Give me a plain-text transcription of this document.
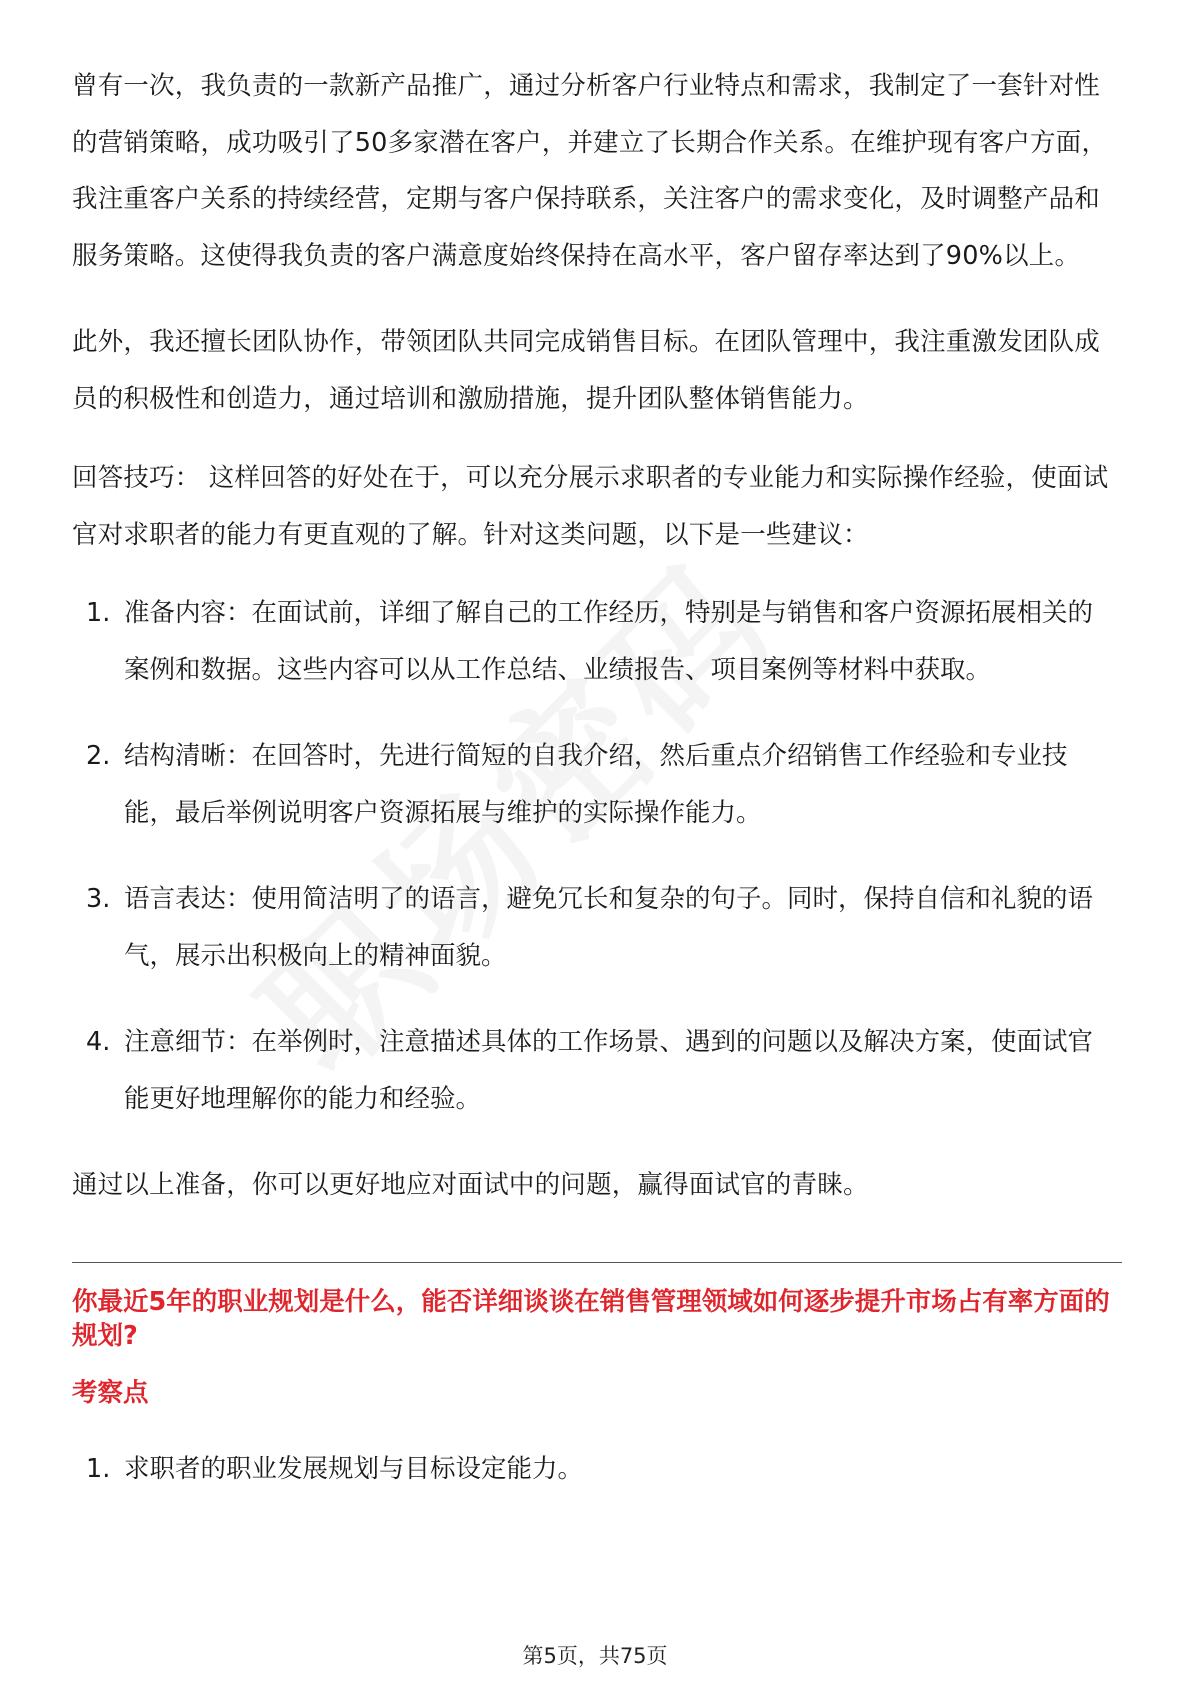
曾有一次，我负责的一款新产品推广，通过分析客户行业特点和需求，我制定了一套针对性的营销策略，成功吸引了50多家潜在客户，并建立了长期合作关系。在维护现有客户方面，我注重客户关系的持续经营，定期与客户保持联系，关注客户的需求变化，及时调整产品和服务策略。这使得我负责的客户满意度始终保持在高水平，客户留存率达到了90%以上。

此外，我还擅长团队协作，带领团队共同完成销售目标。在团队管理中，我注重激发团队成员的积极性和创造力，通过培训和激励措施，提升团队整体销售能力。

回答技巧： 这样回答的好处在于，可以充分展示求职者的专业能力和实际操作经验，使面试官对求职者的能力有更直观的了解。针对这类问题，以下是一些建议：

1. 准备内容：在面试前，详细了解自己的工作经历，特别是与销售和客户资源拓展相关的案例和数据。这些内容可以从工作总结、业绩报告、项目案例等材料中获取。
2. 结构清晰：在回答时，先进行简短的自我介绍，然后重点介绍销售工作经验和专业技能，最后举例说明客户资源拓展与维护的实际操作能力。
3. 语言表达：使用简洁明了的语言，避免冗长和复杂的句子。同时，保持自信和礼貌的语气，展示出积极向上的精神面貌。
4. 注意细节：在举例时，注意描述具体的工作场景、遇到的问题以及解决方案，使面试官能更好地理解你的能力和经验。

通过以上准备，你可以更好地应对面试中的问题，赢得面试官的青睐。

你最近5年的职业规划是什么，能否详细谈谈在销售管理领域如何逐步提升市场占有率方面的规划?

考察点

1. 求职者的职业发展规划与目标设定能力。
第5页，共75页
